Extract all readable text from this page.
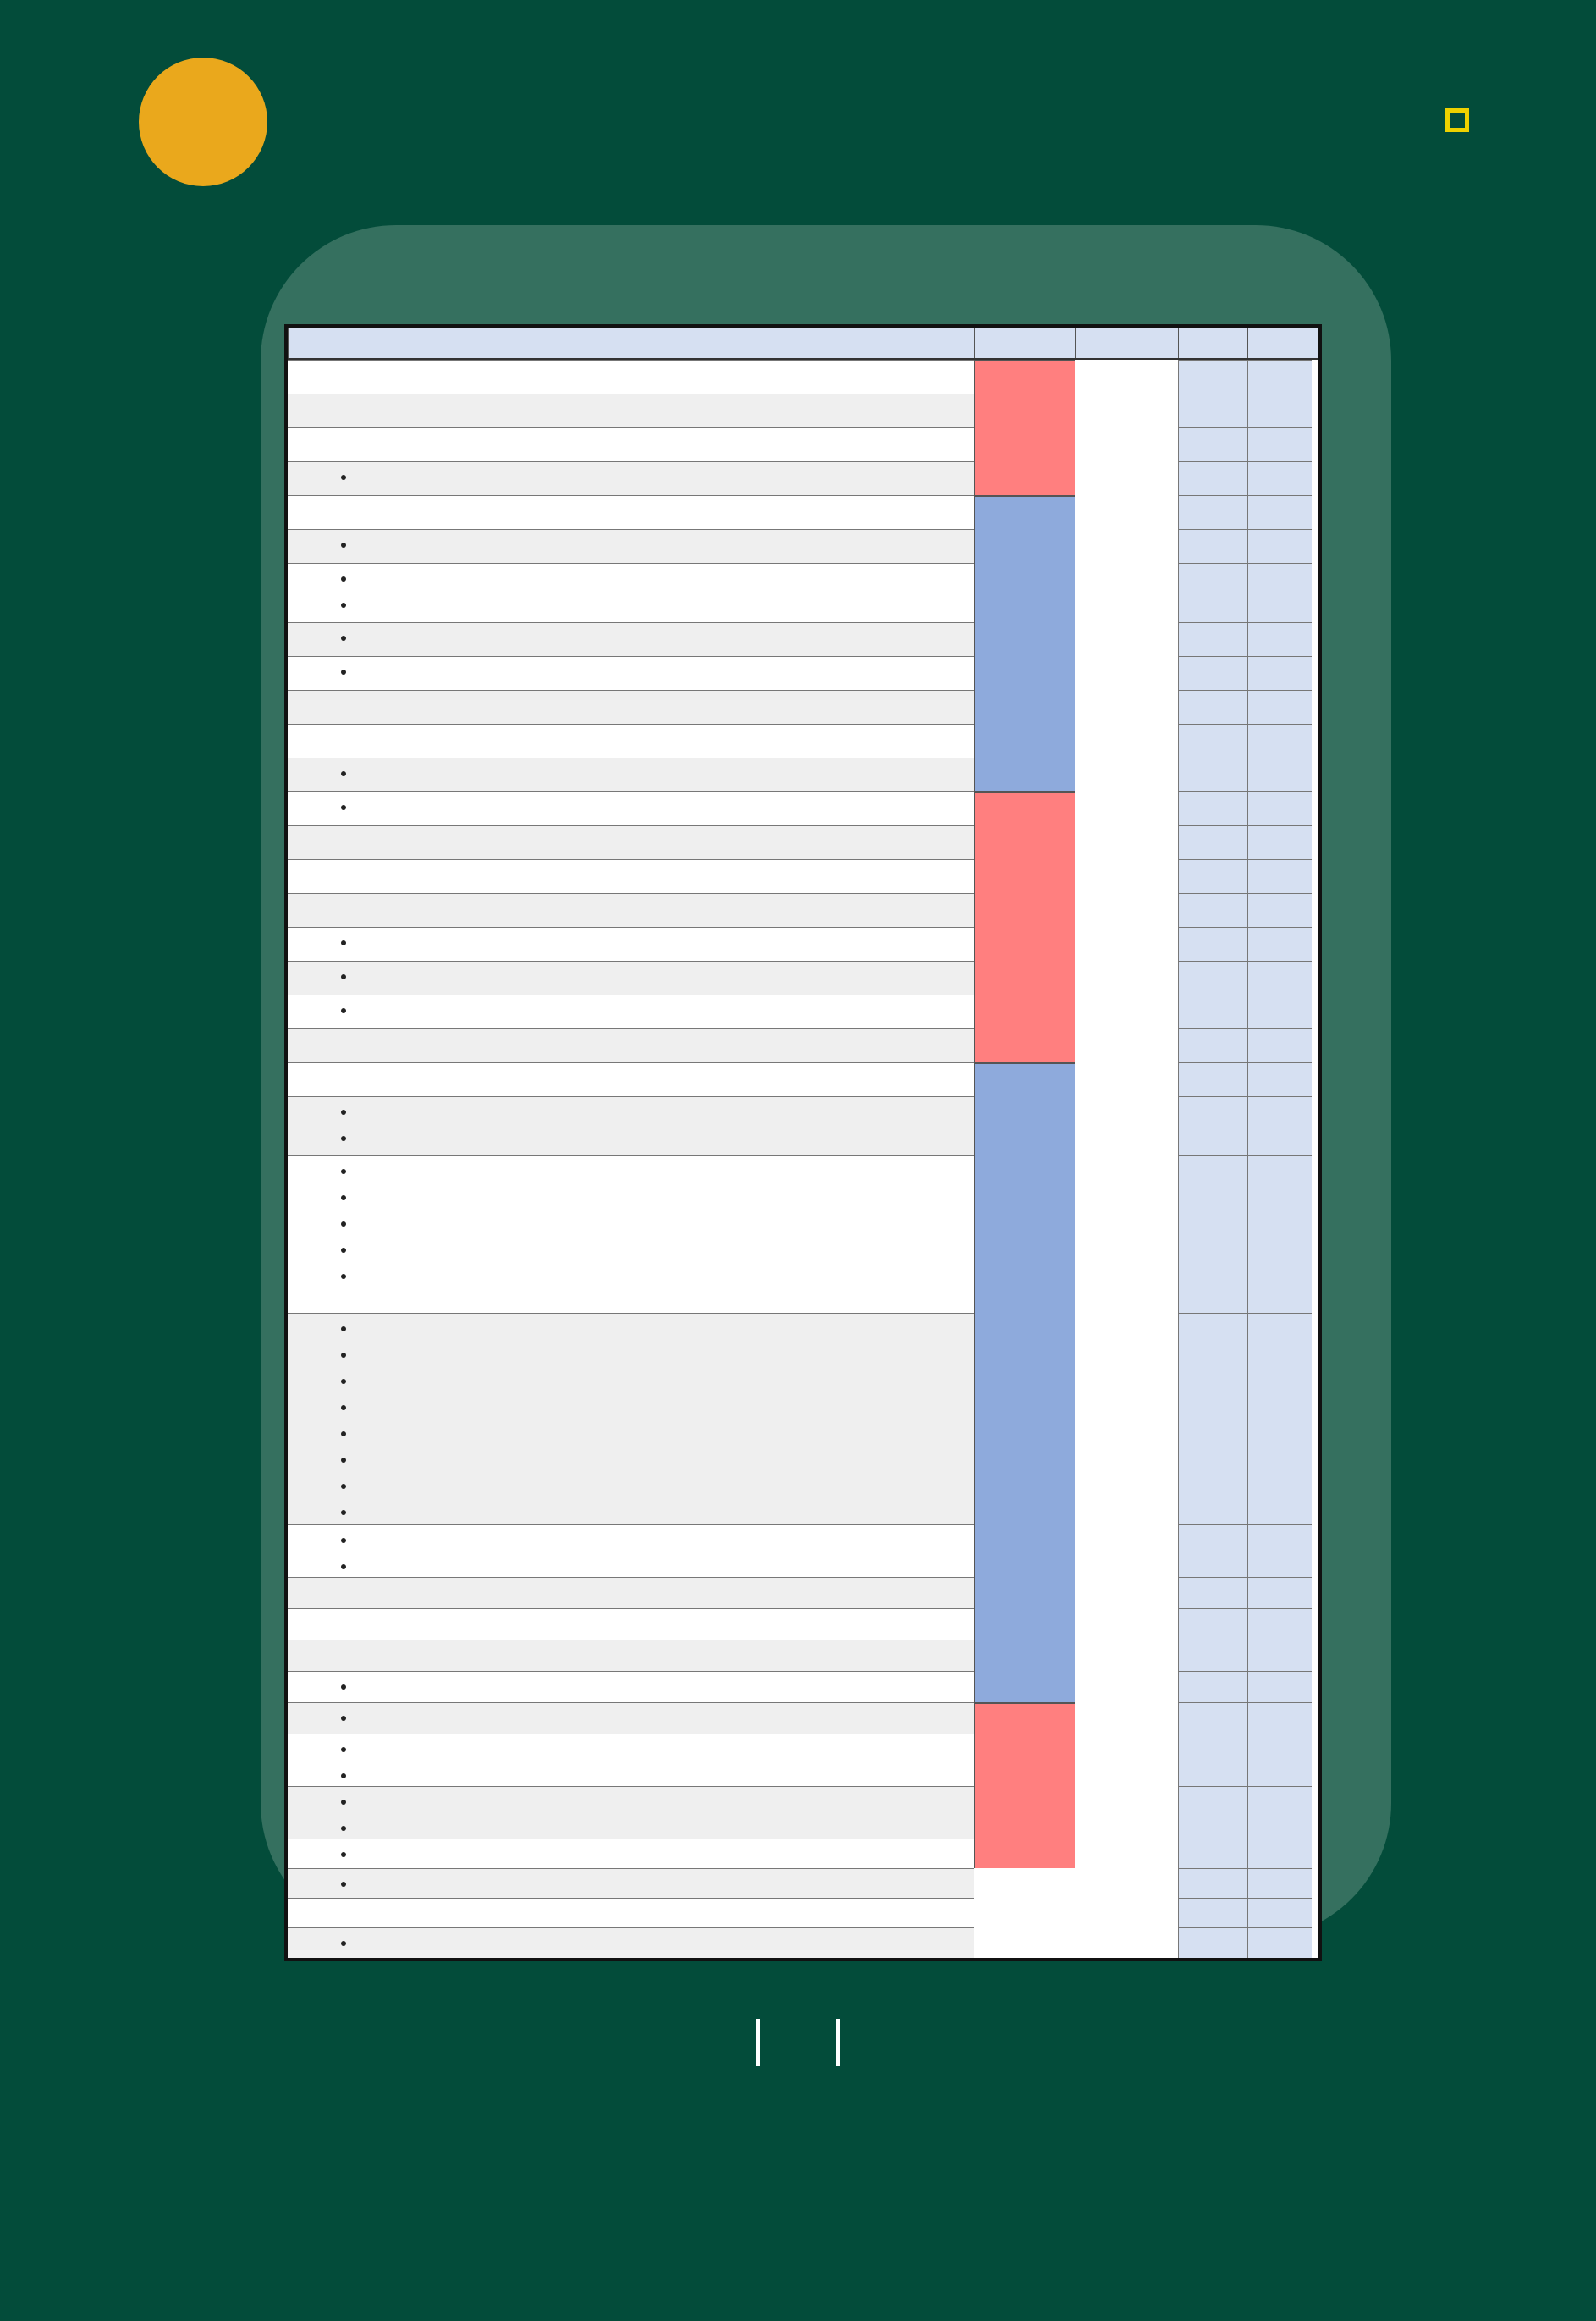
•
•
•
•
•
•
•
•
•
•
•
•
•
•
•
•
•
•
•
•
•
•
•
•
•
•
•
•
•
•
•
•
•
•
•
•
•
